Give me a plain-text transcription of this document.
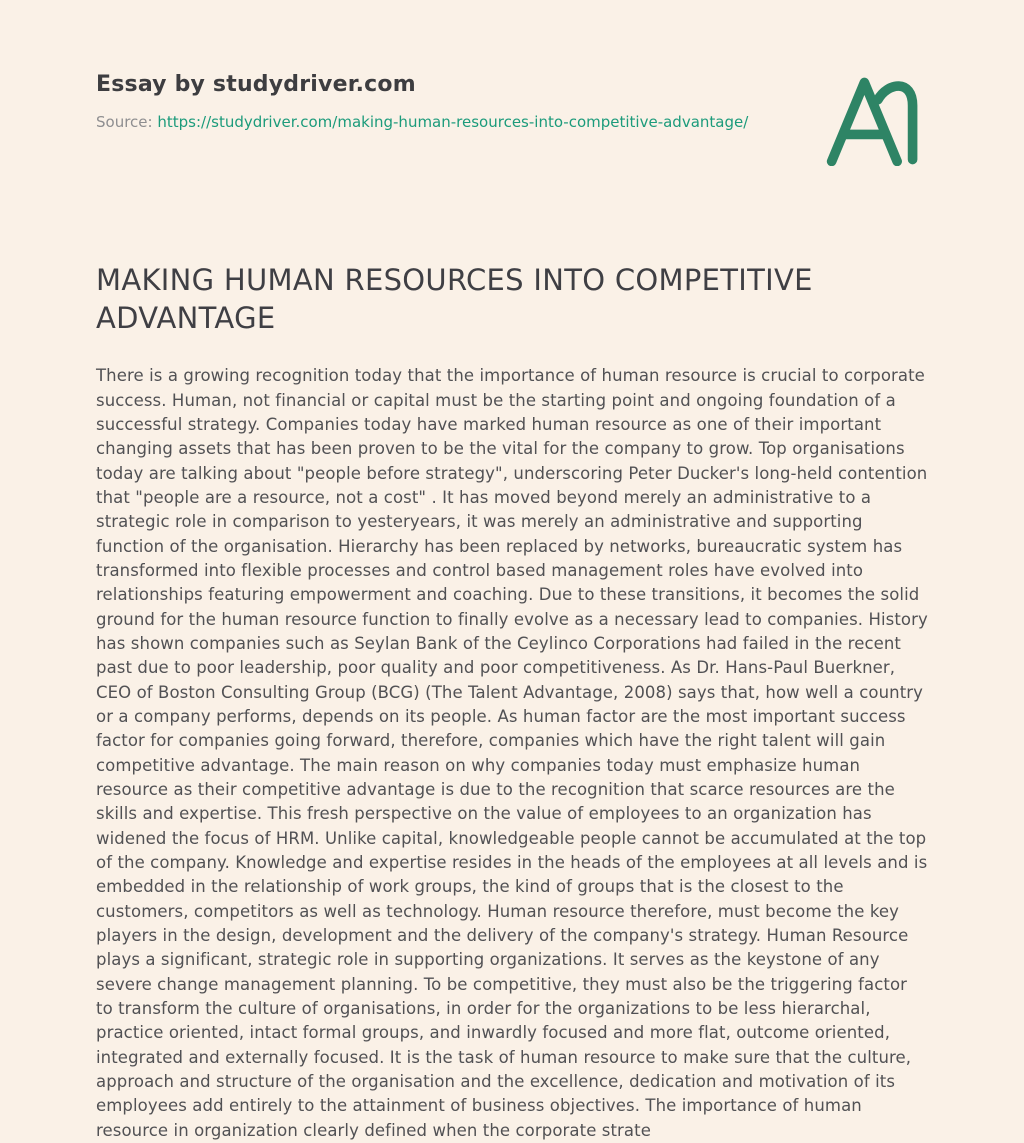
Essay by studydriver.com

Source: https://studydriver.com/making-human-resources-into-competitive-advantage/

MAKING HUMAN RESOURCES INTO COMPETITIVE ADVANTAGE

There is a growing recognition today that the importance of human resource is crucial to corporate success. Human, not financial or capital must be the starting point and ongoing foundation of a successful strategy. Companies today have marked human resource as one of their important changing assets that has been proven to be the vital for the company to grow. Top organisations today are talking about "people before strategy", underscoring Peter Ducker's long-held contention that "people are a resource, not a cost" . It has moved beyond merely an administrative to a strategic role in comparison to yesteryears, it was merely an administrative and supporting function of the organisation. Hierarchy has been replaced by networks, bureaucratic system has transformed into flexible processes and control based management roles have evolved into relationships featuring empowerment and coaching. Due to these transitions, it becomes the solid ground for the human resource function to finally evolve as a necessary lead to companies. History has shown companies such as Seylan Bank of the Ceylinco Corporations had failed in the recent past due to poor leadership, poor quality and poor competitiveness. As Dr. Hans-Paul Buerkner, CEO of Boston Consulting Group (BCG) (The Talent Advantage, 2008) says that, how well a country or a company performs, depends on its people. As human factor are the most important success factor for companies going forward, therefore, companies which have the right talent will gain competitive advantage. The main reason on why companies today must emphasize human resource as their competitive advantage is due to the recognition that scarce resources are the skills and expertise. This fresh perspective on the value of employees to an organization has widened the focus of HRM. Unlike capital, knowledgeable people cannot be accumulated at the top of the company. Knowledge and expertise resides in the heads of the employees at all levels and is embedded in the relationship of work groups, the kind of groups that is the closest to the customers, competitors as well as technology. Human resource therefore, must become the key players in the design, development and the delivery of the company's strategy. Human Resource plays a significant, strategic role in supporting organizations. It serves as the keystone of any severe change management planning. To be competitive, they must also be the triggering factor to transform the culture of organisations, in order for the organizations to be less hierarchal, practice oriented, intact formal groups, and inwardly focused and more flat, outcome oriented, integrated and externally focused. It is the task of human resource to make sure that the culture, approach and structure of the organisation and the excellence, dedication and motivation of its employees add entirely to the attainment of business objectives. The importance of human resource in organization clearly defined when the corporate strate
